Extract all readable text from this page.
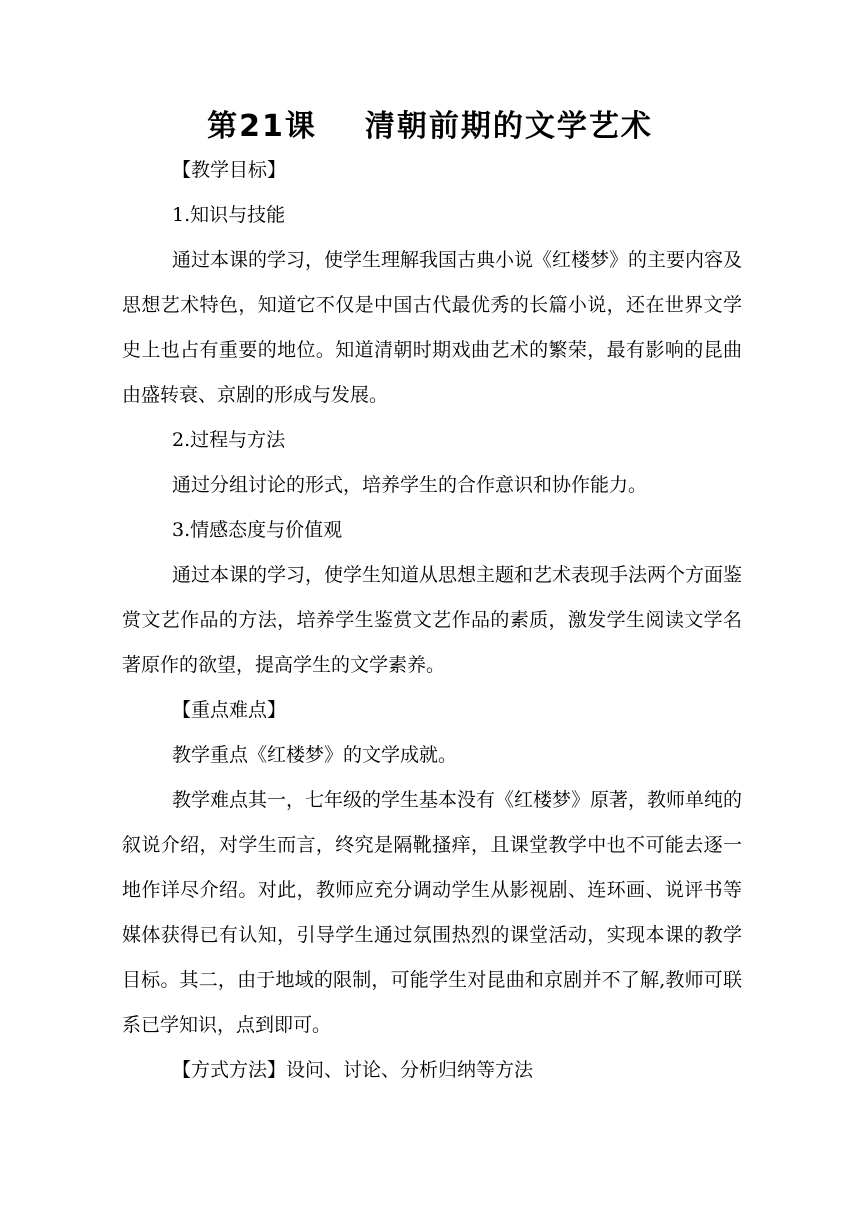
第21课 清朝前期的文学艺术

【教学目标】

1.知识与技能

通过本课的学习，使学生理解我国古典小说《红楼梦》的主要内容及思想艺术特色，知道它不仅是中国古代最优秀的长篇小说，还在世界文学史上也占有重要的地位。知道清朝时期戏曲艺术的繁荣，最有影响的昆曲由盛转衰、京剧的形成与发展。

2.过程与方法

通过分组讨论的形式，培养学生的合作意识和协作能力。

3.情感态度与价值观

通过本课的学习，使学生知道从思想主题和艺术表现手法两个方面鉴赏文艺作品的方法，培养学生鉴赏文艺作品的素质，激发学生阅读文学名著原作的欲望，提高学生的文学素养。

【重点难点】

教学重点《红楼梦》的文学成就。

教学难点其一，七年级的学生基本没有《红楼梦》原著，教师单纯的叙说介绍，对学生而言，终究是隔靴搔痒，且课堂教学中也不可能去逐一地作详尽介绍。对此，教师应充分调动学生从影视剧、连环画、说评书等媒体获得已有认知，引导学生通过氛围热烈的课堂活动，实现本课的教学目标。其二，由于地域的限制，可能学生对昆曲和京剧并不了解,教师可联系已学知识，点到即可。

【方式方法】设问、讨论、分析归纳等方法
